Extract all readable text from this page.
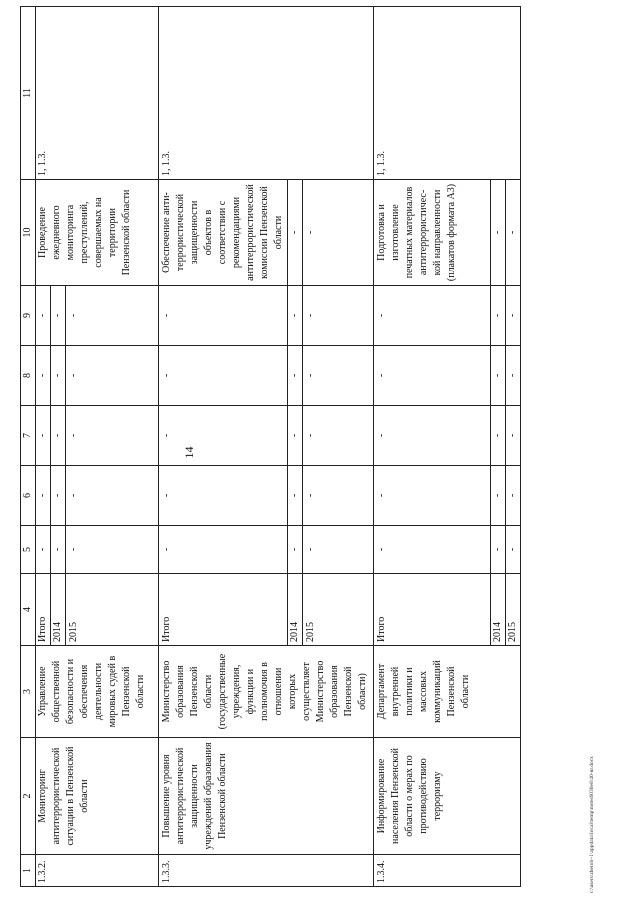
14
1	2	3	4	5	6	7	8	9	10	11
1.3.2.	Мониторинг антитеррористической ситуации в Пензенской области	Управление общественной безопасности и обеспечения деятельности мировых судей в Пензенской области	Итого	-	-	-	-	-	Проведение ежедневного мониторинга преступлений, совершаемых на территории Пензенской области	1, 1.3.
			2014	-	-	-	-	-		
			2015	-	-	-	-	-		
1.3.3.	Повышение уровня антитеррористической защищенности учреждений образования Пензенской области	Министерство образования Пензенской области (государственные учреждения, функции и полномочия в отношении которых осуществляет Министерство образования Пензенской области)	Итого	-	-	-	-	-	Обеспечение анти-террористической защищенности объектов в соответствии с рекомендациями антитеррористической комиссии Пензенской области	1, 1.3.
			2014	-	-	-	-	-	-	
			2015	-	-	-	-	-	-	
1.3.4.	Информирование населения Пензенской области о мерах по противодействию терроризму	Департамент внутренней политики и массовых коммуникаций Пензенской области	Итого	-	-	-	-	-	Подготовка и изготовление печатных материалов антитеррористичес-кой направленности (плакатов формата А3)	1, 1.3.
			2014	-	-	-	-	-	-	
			2015	-	-	-	-	-	-	
c:\users\zherob~1\appdata\local\temp\notes6030e8\40-nr.docx
